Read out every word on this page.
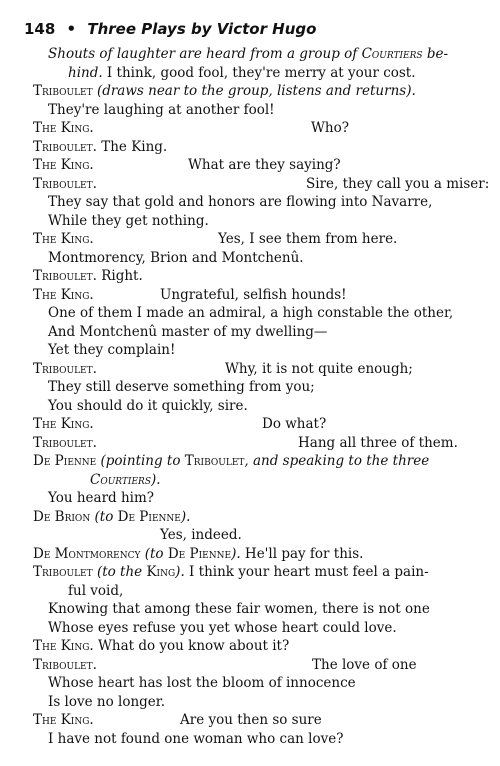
148 • Three Plays by Victor Hugo
Shouts of laughter are heard from a group of Courtiers be-
hind. I think, good fool, they're merry at your cost.
Triboulet (draws near to the group, listens and returns).
They're laughing at another fool!
The King.	Who?
Triboulet. The King.
The King.	What are they saying?
Triboulet.	Sire, they call you a miser:
They say that gold and honors are flowing into Navarre,
While they get nothing.
The King.	Yes, I see them from here.
Montmorency, Brion and Montchenû.
Triboulet. Right.
The King.	Ungrateful, selfish hounds!
One of them I made an admiral, a high constable the other,
And Montchenû master of my dwelling—
Yet they complain!
Triboulet.	Why, it is not quite enough;
They still deserve something from you;
You should do it quickly, sire.
The King.	Do what?
Triboulet.	Hang all three of them.
De Pienne (pointing to Triboulet, and speaking to the three
Courtiers).
You heard him?
De Brion (to De Pienne).
Yes, indeed.
De Montmorency (to De Pienne). He'll pay for this.
Triboulet (to the King). I think your heart must feel a pain-
ful void,
Knowing that among these fair women, there is not one
Whose eyes refuse you yet whose heart could love.
The King. What do you know about it?
Triboulet.	The love of one
Whose heart has lost the bloom of innocence
Is love no longer.
The King.	Are you then so sure
I have not found one woman who can love?
